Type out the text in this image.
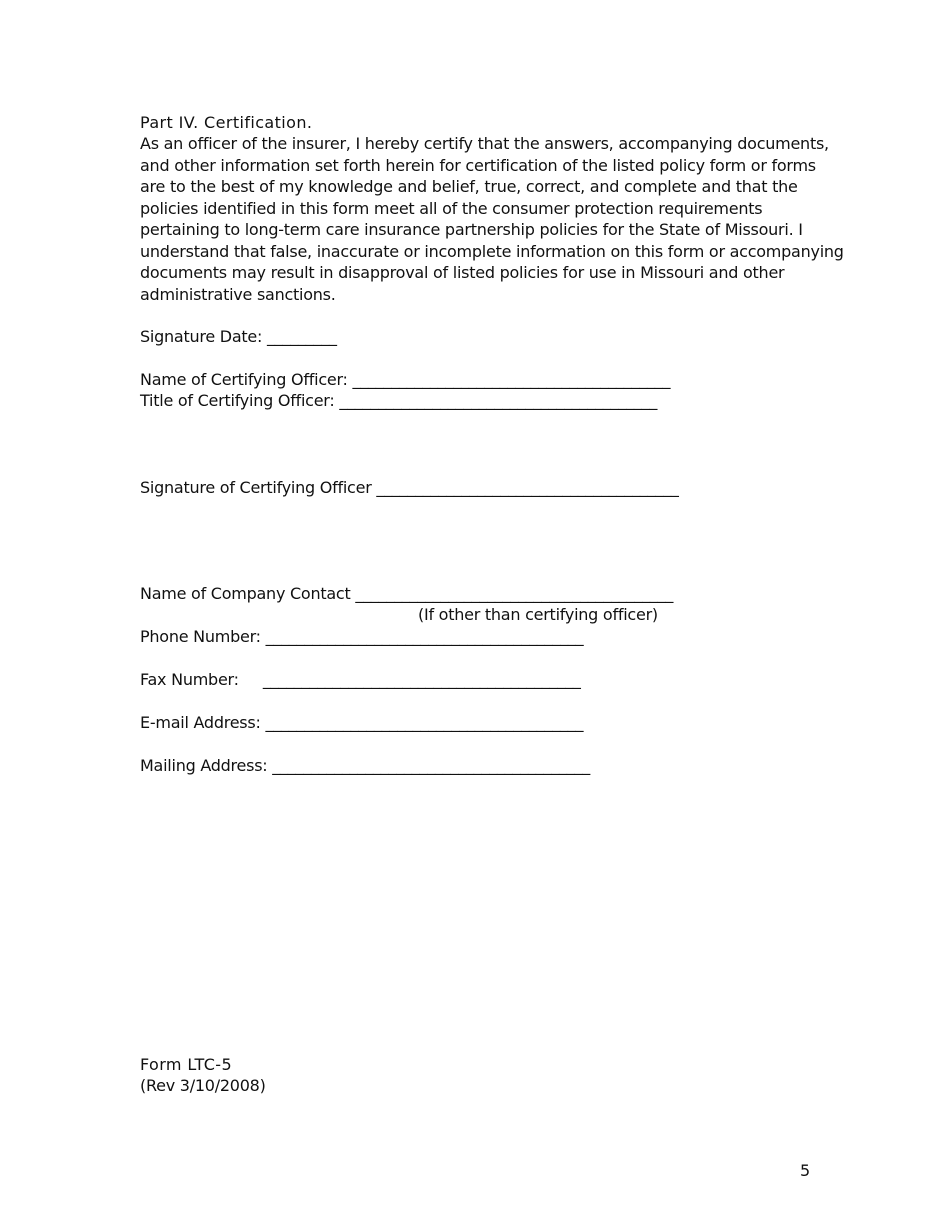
Part IV. Certification.
As an officer of the insurer, I hereby certify that the answers, accompanying documents,
and other information set forth herein for certification of the listed policy form or forms
are to the best of my knowledge and belief, true, correct, and complete and that the
policies identified in this form meet all of the consumer protection requirements
pertaining to long-term care insurance partnership policies for the State of Missouri. I
understand that false, inaccurate or incomplete information on this form or accompanying
documents may result in disapproval of listed policies for use in Missouri and other
administrative sanctions.
Signature Date: _________
Name of Certifying Officer: _________________________________________
Title of Certifying Officer: _________________________________________
Signature of Certifying Officer _______________________________________
Name of Company Contact _________________________________________
(If other than certifying officer)
Phone Number: _________________________________________
Fax Number:     _________________________________________
E-mail Address: _________________________________________
Mailing Address: _________________________________________
Form LTC-5
(Rev 3/10/2008)
5
